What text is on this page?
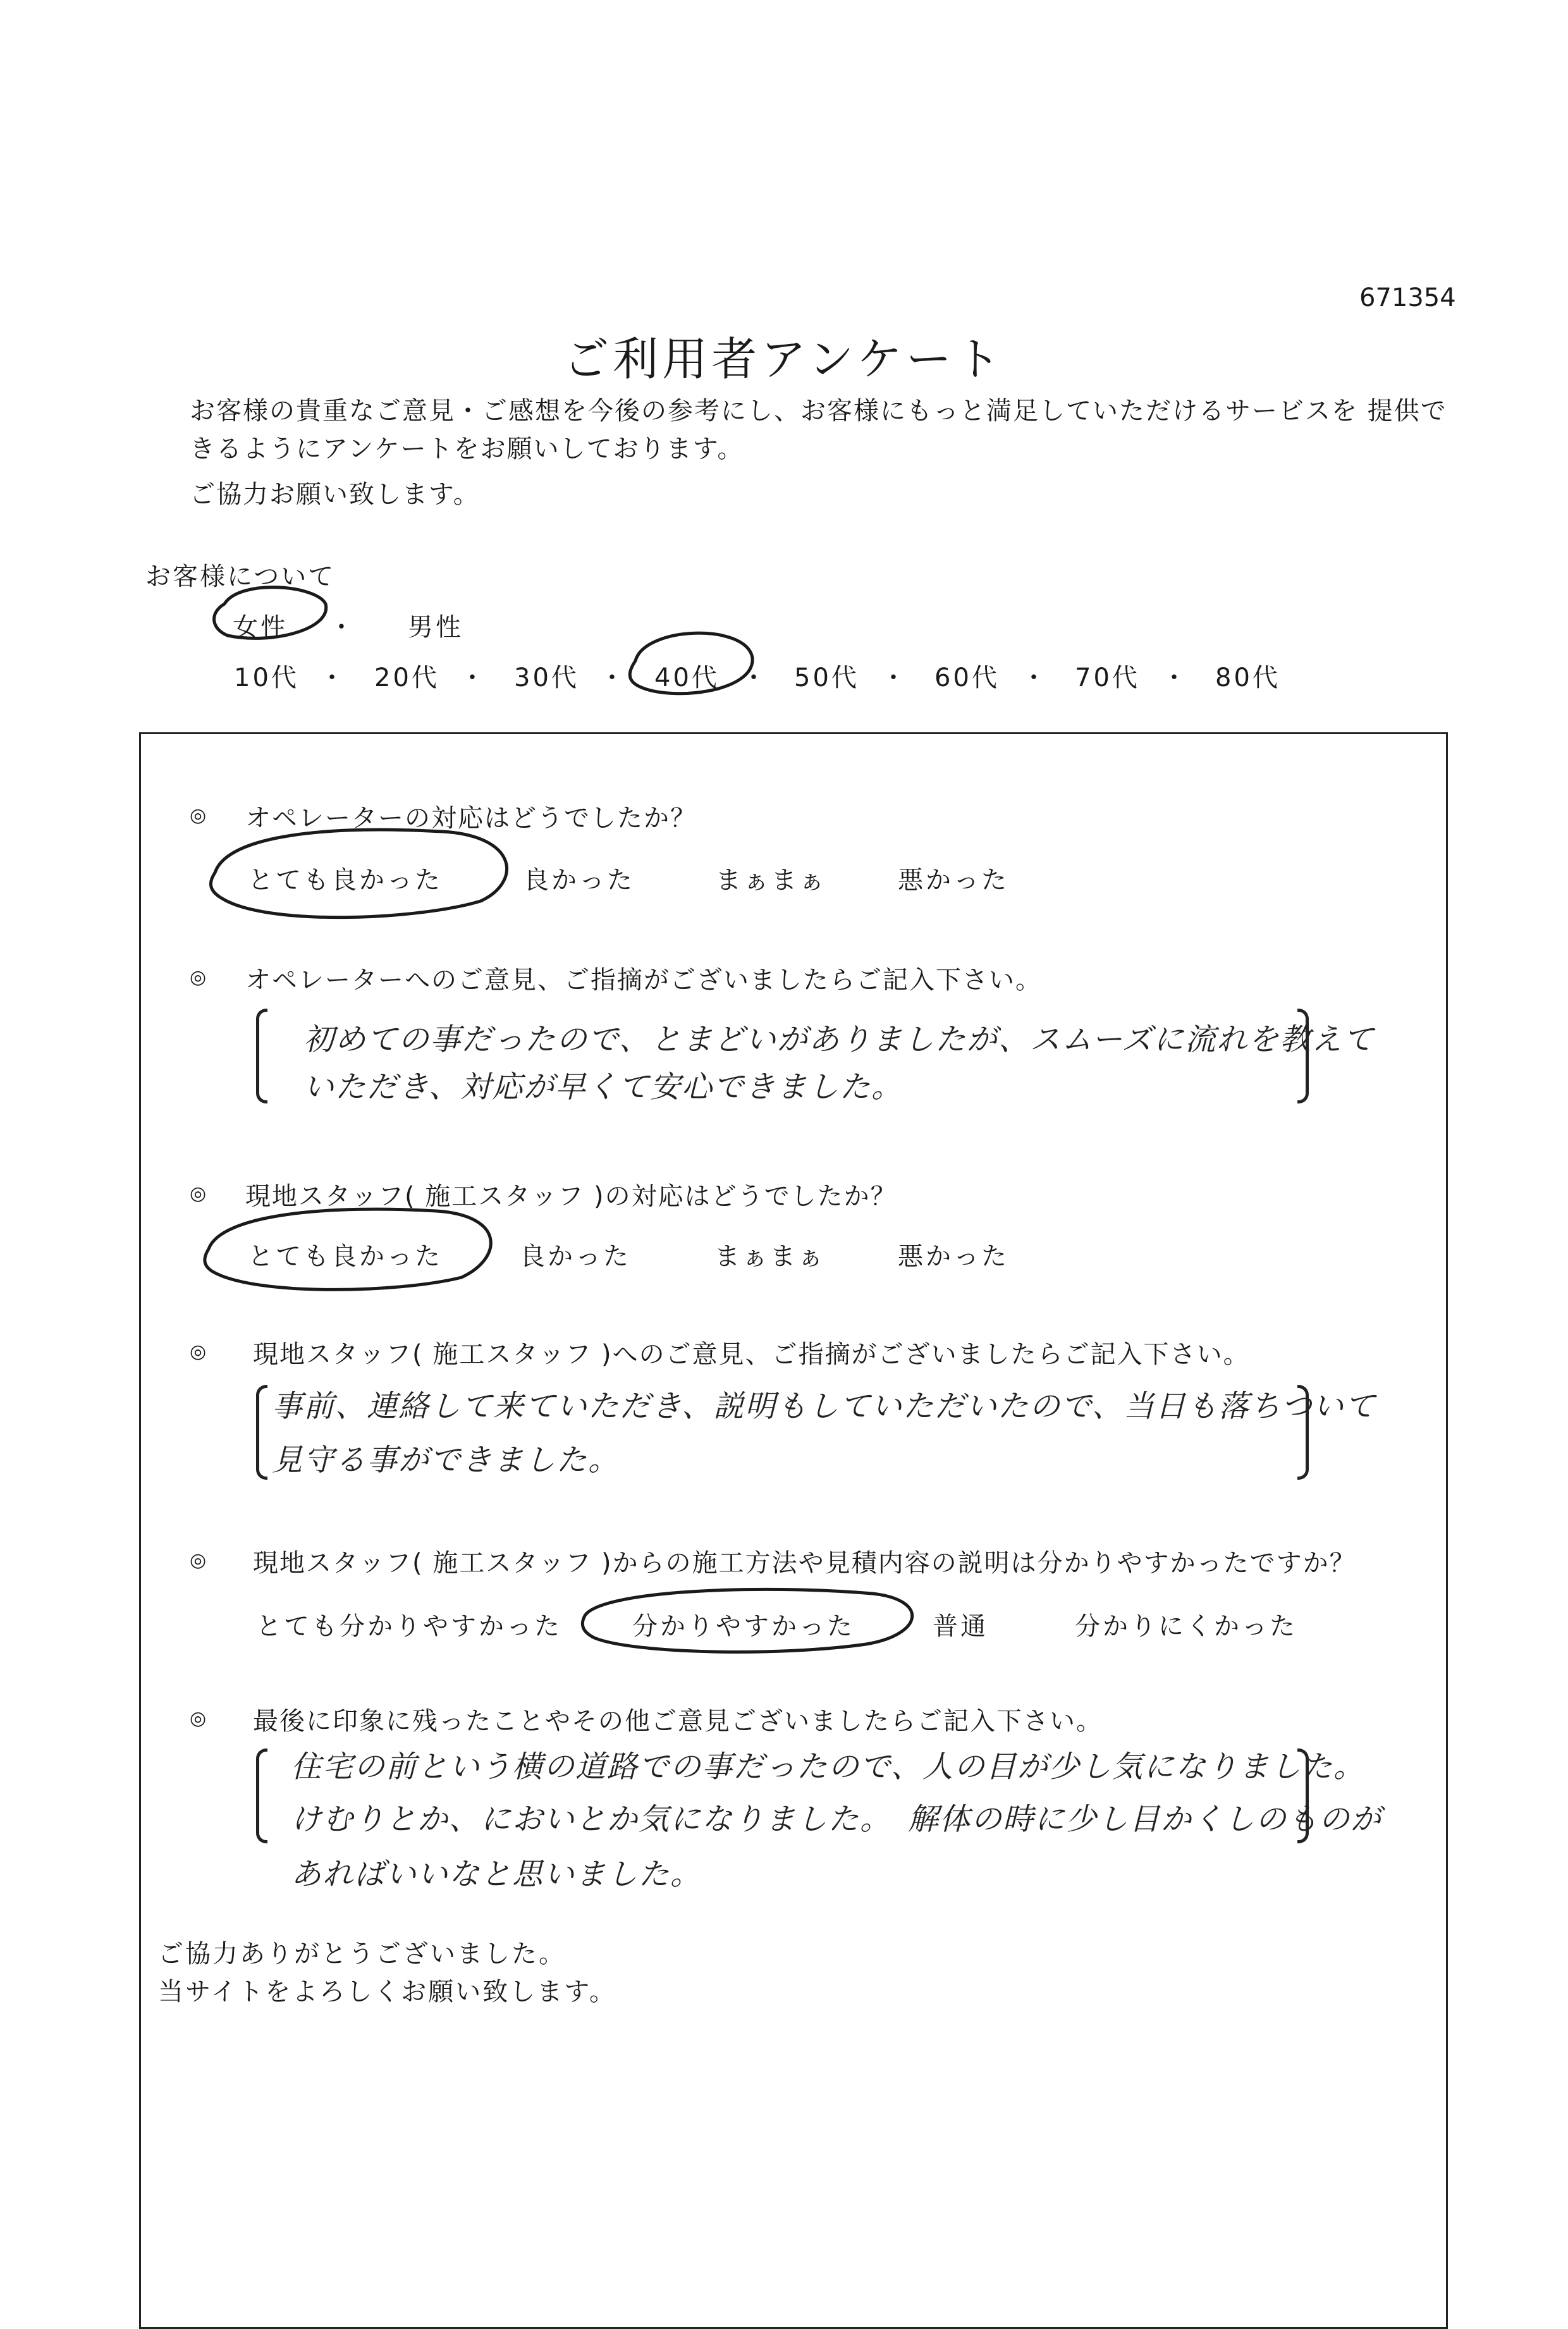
671354
ご利用者アンケート
お客様の貴重なご意見・ご感想を今後の参考にし、お客様にもっと満足していただけるサービスを 提供で
きるようにアンケートをお願いしております。
ご協力お願い致します。
お客様について
女性 ・ 男性
10代 ・ 20代 ・ 30代 ・ 40代 ・ 50代 ・ 60代 ・ 70代 ・ 80代
◎ オペレーターの対応はどうでしたか？
とても良かった	良かった	まぁまぁ	悪かった
◎ オペレーターへのご意見、ご指摘がございましたらご記入下さい。
初めての事だったので、とまどいがありましたが、スムーズに流れを教えて
いただき、対応が早くて安心できました。
◎ 現地スタッフ( 施工スタッフ )の対応はどうでしたか？
とても良かった	良かった	まぁまぁ	悪かった
◎ 現地スタッフ( 施工スタッフ )へのご意見、ご指摘がございましたらご記入下さい。
事前、連絡して来ていただき、説明もしていただいたので、当日も落ちついて
見守る事ができました。
◎ 現地スタッフ( 施工スタッフ )からの施工方法や見積内容の説明は分かりやすかったですか？
とても分かりやすかった	分かりやすかった	普通	分かりにくかった
◎ 最後に印象に残ったことやその他ご意見ございましたらご記入下さい。
住宅の前という横の道路での事だったので、人の目が少し気になりました。
けむりとか、においとか気になりました。　解体の時に少し目かくしのものが
あればいいなと思いました。
ご協力ありがとうございました。
当サイトをよろしくお願い致します。
